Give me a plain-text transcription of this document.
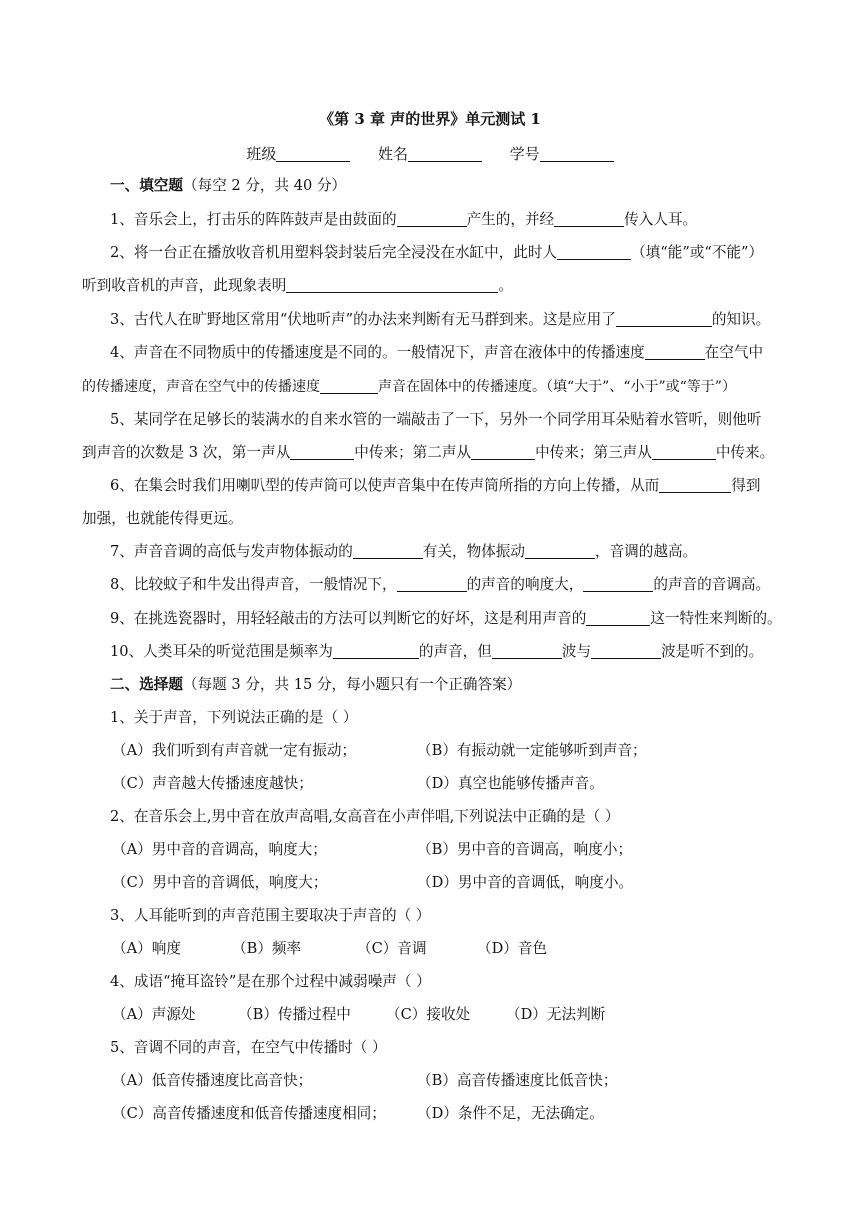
《第 3 章 声的世界》单元测试 1
班级	姓名	学号
一、填空题（每空 2 分，共 40 分）
1、音乐会上，打击乐的阵阵鼓声是由鼓面的	产生的，并经	传入人耳。
2、将一台正在播放收音机用塑料袋封装后完全浸没在水缸中，此时人	（填“能”或“不能”）
听到收音机的声音，此现象表明	。
3、古代人在旷野地区常用“伏地听声”的办法来判断有无马群到来。这是应用了	的知识。
4、声音在不同物质中的传播速度是不同的。一般情况下，声音在液体中的传播速度	在空气中
的传播速度，声音在空气中的传播速度	声音在固体中的传播速度。（填“大于”、“小于”或“等于”）
5、某同学在足够长的装满水的自来水管的一端敲击了一下，另外一个同学用耳朵贴着水管听，则他听
到声音的次数是 3 次，第一声从	中传来；第二声从	中传来；第三声从	中传来。
6、在集会时我们用喇叭型的传声筒可以使声音集中在传声筒所指的方向上传播，从而	得到
加强，也就能传得更远。
7、声音音调的高低与发声物体振动的	有关，物体振动	，音调的越高。
8、比较蚊子和牛发出得声音，一般情况下，	的声音的响度大，	的声音的音调高。
9、在挑选瓷器时，用轻轻敲击的方法可以判断它的好坏，这是利用声音的	这一特性来判断的。
10、人类耳朵的听觉范围是频率为	的声音，但	波与	波是听不到的。
二、选择题（每题 3 分，共 15 分，每小题只有一个正确答案）
1、关于声音，下列说法正确的是（ ）
（A）我们听到有声音就一定有振动；	（B）有振动就一定能够听到声音；
（C）声音越大传播速度越快；	（D）真空也能够传播声音。
2、在音乐会上,男中音在放声高唱,女高音在小声伴唱,下列说法中正确的是（ ）
（A）男中音的音调高，响度大；	（B）男中音的音调高，响度小；
（C）男中音的音调低，响度大；	（D）男中音的音调低，响度小。
3、人耳能听到的声音范围主要取决于声音的（ ）
（A）响度	（B）频率	（C）音调	（D）音色
4、成语“掩耳盗铃”是在那个过程中减弱噪声（ ）
（A）声源处	（B）传播过程中 （C）接收处 （D）无法判断
5、音调不同的声音，在空气中传播时（ ）
（A）低音传播速度比高音快；	（B）高音传播速度比低音快；
（C）高音传播速度和低音传播速度相同； （D）条件不足，无法确定。
